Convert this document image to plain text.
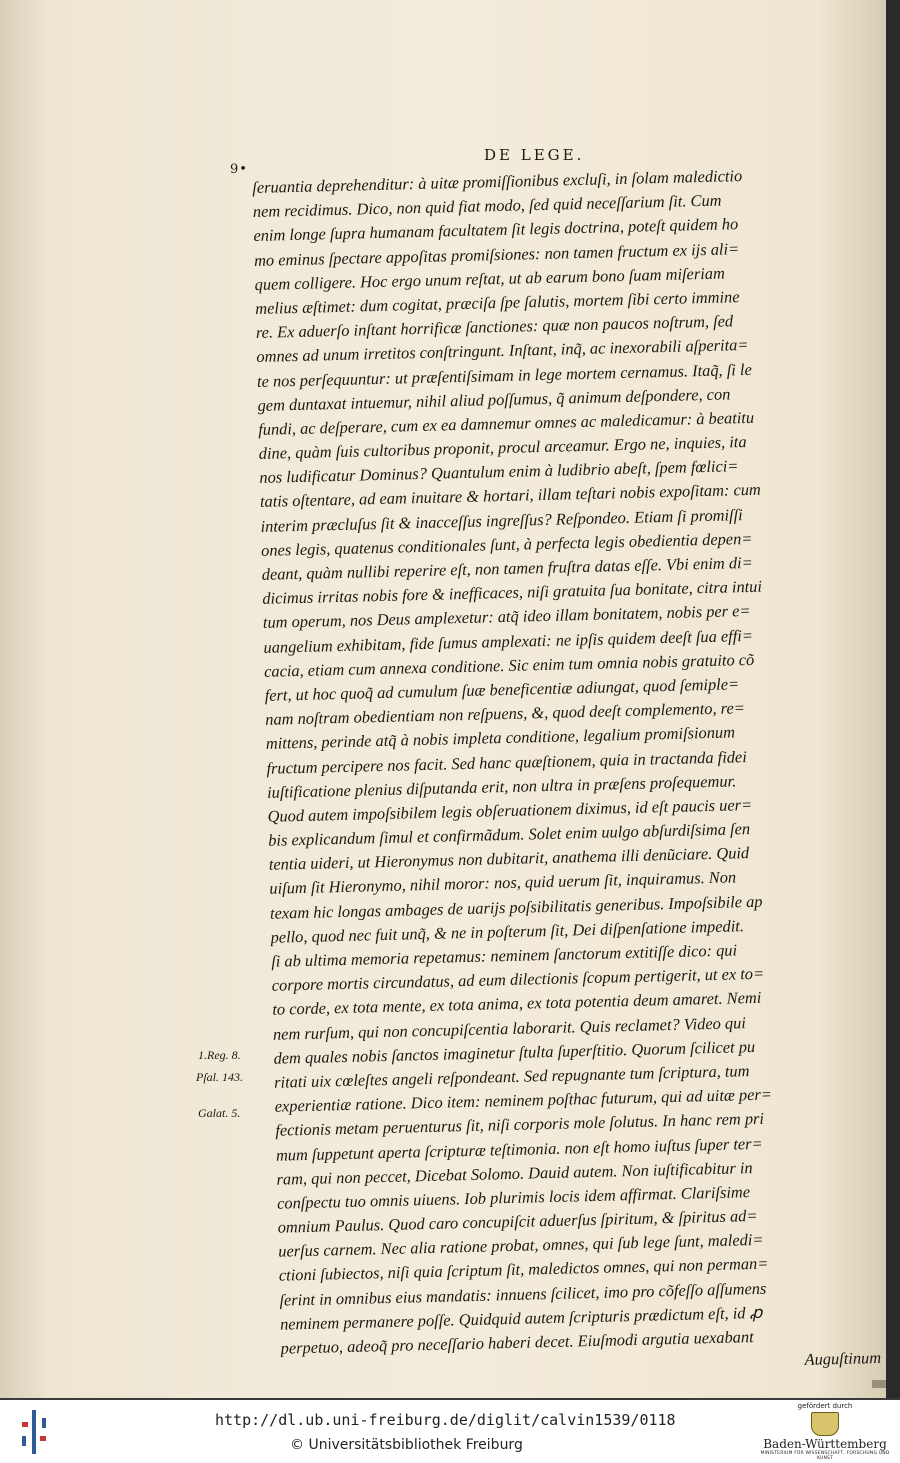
9•
DE LEGE.
ſeruantia deprehenditur: à uitæ promiſſionibus excluſi, in ſolam maledictio
nem recidimus. Dico, non quid fiat modo, ſed quid neceſſarium ſit. Cum
enim longe ſupra humanam facultatem ſit legis doctrina, poteſt quidem ho
mo eminus ſpectare appoſitas promiſsiones: non tamen fructum ex ijs ali=
quem colligere. Hoc ergo unum reſtat, ut ab earum bono ſuam miſeriam
melius æſtimet: dum cogitat, præciſa ſpe ſalutis, mortem ſibi certo immine
re. Ex aduerſo inſtant horrificæ ſanctiones: quæ non paucos noſtrum, ſed
omnes ad unum irretitos conſtringunt. Inſtant, inq̃, ac inexorabili aſperita=
te nos perſequuntur: ut præſentiſsimam in lege mortem cernamus. Itaq̃, ſi le
gem duntaxat intuemur, nihil aliud poſſumus, q̃ animum deſpondere, con
fundi, ac deſperare, cum ex ea damnemur omnes ac maledicamur: à beatitu
dine, quàm ſuis cultoribus proponit, procul arceamur. Ergo ne, inquies, ita
nos ludificatur Dominus? Quantulum enim à ludibrio abeſt, ſpem fœlici=
tatis oſtentare, ad eam inuitare & hortari, illam teſtari nobis expoſitam: cum
interim præcluſus ſit & inacceſſus ingreſſus? Reſpondeo. Etiam ſi promiſſi
ones legis, quatenus conditionales ſunt, à perfecta legis obedientia depen=
deant, quàm nullibi reperire eſt, non tamen fruſtra datas eſſe. Vbi enim di=
dicimus irritas nobis fore & inefficaces, niſi gratuita ſua bonitate, citra intui
tum operum, nos Deus amplexetur: atq̃ ideo illam bonitatem, nobis per e=
uangelium exhibitam, fide ſumus amplexati: ne ipſis quidem deeſt ſua effi=
cacia, etiam cum annexa conditione. Sic enim tum omnia nobis gratuito cõ
fert, ut hoc quoq̃ ad cumulum ſuæ beneficentiæ adiungat, quod ſemiple=
nam noſtram obedientiam non reſpuens, &, quod deeſt complemento, re=
mittens, perinde atq̃ à nobis impleta conditione, legalium promiſsionum
fructum percipere nos facit. Sed hanc quæſtionem, quia in tractanda fidei
iuſtificatione plenius diſputanda erit, non ultra in præſens proſequemur.
Quod autem impoſsibilem legis obſeruationem diximus, id eſt paucis uer=
bis explicandum ſimul et confirmãdum. Solet enim uulgo abſurdiſsima ſen
tentia uideri, ut Hieronymus non dubitarit, anathema illi denũciare. Quid
uiſum ſit Hieronymo, nihil moror: nos, quid uerum ſit, inquiramus. Non
texam hic longas ambages de uarijs poſsibilitatis generibus. Impoſsibile ap
pello, quod nec fuit unq̃, & ne in poſterum ſit, Dei diſpenſatione impedit.
ſi ab ultima memoria repetamus: neminem ſanctorum extitiſſe dico: qui
corpore mortis circundatus, ad eum dilectionis ſcopum pertigerit, ut ex to=
to corde, ex tota mente, ex tota anima, ex tota potentia deum amaret. Nemi
nem rurſum, qui non concupiſcentia laborarit. Quis reclamet? Video qui
dem quales nobis ſanctos imaginetur ſtulta ſuperſtitio. Quorum ſcilicet pu
ritati uix cœleſtes angeli reſpondeant. Sed repugnante tum ſcriptura, tum
experientiæ ratione. Dico item: neminem poſthac futurum, qui ad uitæ per=
fectionis metam peruenturus ſit, niſi corporis mole ſolutus. In hanc rem pri
mum ſuppetunt aperta ſcripturæ teſtimonia. non eſt homo iuſtus ſuper ter=
ram, qui non peccet, Dicebat Solomo. Dauid autem. Non iuſtificabitur in
conſpectu tuo omnis uiuens. Iob plurimis locis idem affirmat. Clariſsime
omnium Paulus. Quod caro concupiſcit aduerſus ſpiritum, & ſpiritus ad=
uerſus carnem. Nec alia ratione probat, omnes, qui ſub lege ſunt, maledi=
ctioni ſubiectos, niſi quia ſcriptum ſit, maledictos omnes, qui non perman=
ſerint in omnibus eius mandatis: innuens ſcilicet, imo pro cõfeſſo aſſumens
neminem permanere poſſe. Quidquid autem ſcripturis prædictum eſt, id ꝓ
perpetuo, adeoq̃ pro neceſſario haberi decet. Eiuſmodi argutia uexabant
Auguſtinum
1.Reg. 8.
Pſal. 143.
Galat. 5.
http://dl.ub.uni-freiburg.de/diglit/calvin1539/0118
© Universitätsbibliothek Freiburg
gefördert durch
Baden-Württemberg
MINISTERIUM FÜR WISSENSCHAFT, FORSCHUNG UND KUNST
